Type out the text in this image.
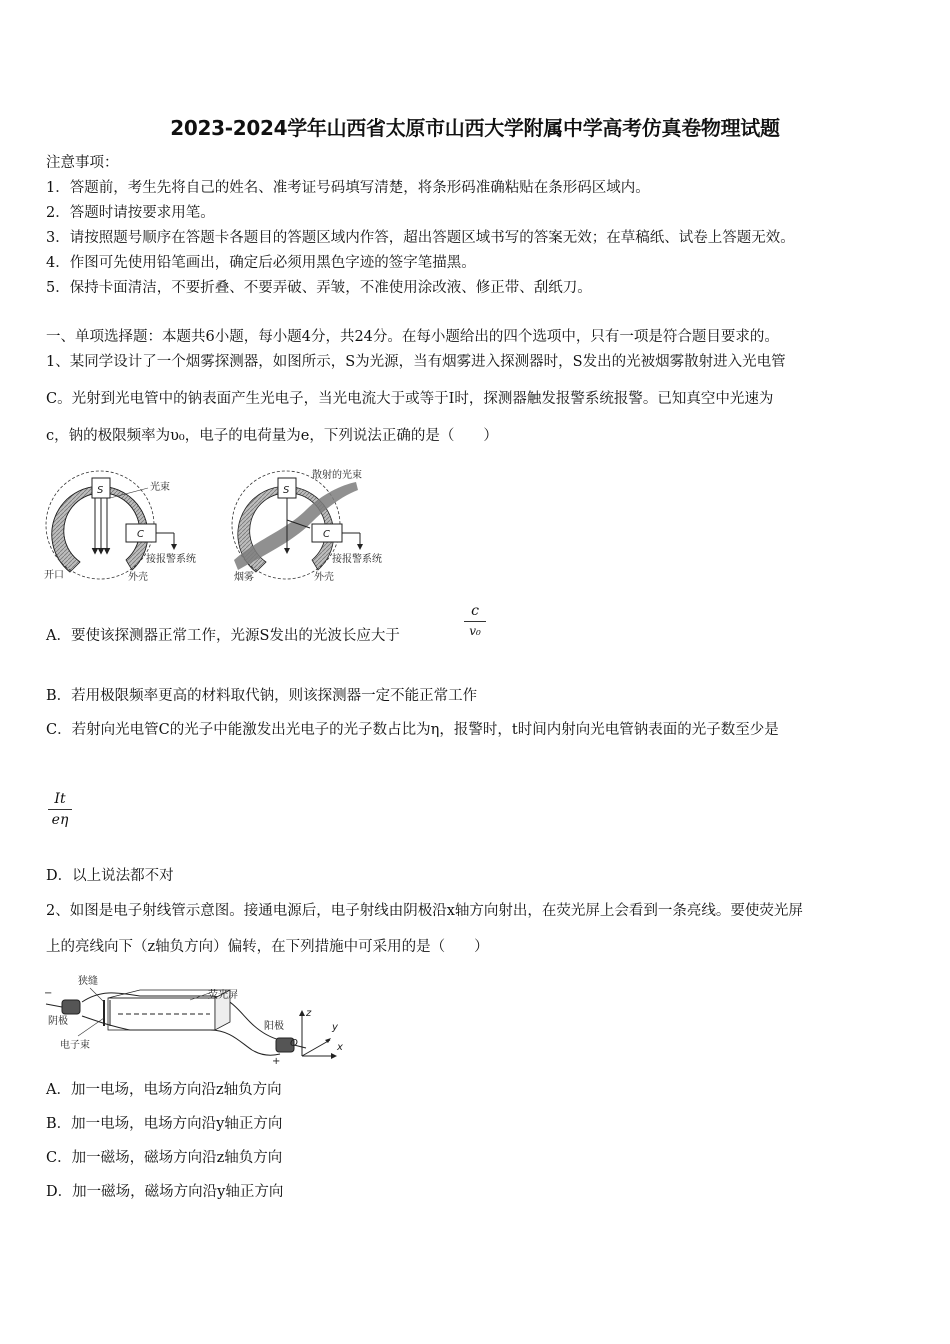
2023-2024学年山西省太原市山西大学附属中学高考仿真卷物理试题
注意事项：
1．答题前，考生先将自己的姓名、准考证号码填写清楚，将条形码准确粘贴在条形码区域内。
2．答题时请按要求用笔。
3．请按照题号顺序在答题卡各题目的答题区域内作答，超出答题区域书写的答案无效；在草稿纸、试卷上答题无效。
4．作图可先使用铅笔画出，确定后必须用黑色字迹的签字笔描黑。
5．保持卡面清洁，不要折叠、不要弄破、弄皱，不准使用涂改液、修正带、刮纸刀。
一、单项选择题：本题共6小题，每小题4分，共24分。在每小题给出的四个选项中，只有一项是符合题目要求的。
1、某同学设计了一个烟雾探测器，如图所示，S为光源，当有烟雾进入探测器时，S发出的光被烟雾散射进入光电管
C。光射到光电管中的钠表面产生光电子，当光电流大于或等于I时，探测器触发报警系统报警。已知真空中光速为
c，钠的极限频率为υ₀，电子的电荷量为e，下列说法正确的是（　　）
S
C
光束
接报警系统
开口	外壳
S
C
散射的光束
接报警系统
烟雾	外壳
A．要使该探测器正常工作，光源S发出的光波长应大于	$\frac{c}{\text{v₀}}$
B．若用极限频率更高的材料取代钠，则该探测器一定不能正常工作
C．若射向光电管C的光子中能激发出光电子的光子数占比为η，报警时，t时间内射向光电管钠表面的光子数至少是
$\frac{It}{e\eta}$
D．以上说法都不对
2、如图是电子射线管示意图。接通电源后，电子射线由阴极沿x轴方向射出，在荧光屏上会看到一条亮线。要使荧光屏
上的亮线向下（z轴负方向）偏转，在下列措施中可采用的是（　　）
狭缝
荧光屏
阴极	阳极
电子束
−
+
O	x
y
z
A．加一电场，电场方向沿z轴负方向
B．加一电场，电场方向沿y轴正方向
C．加一磁场，磁场方向沿z轴负方向
D．加一磁场，磁场方向沿y轴正方向
